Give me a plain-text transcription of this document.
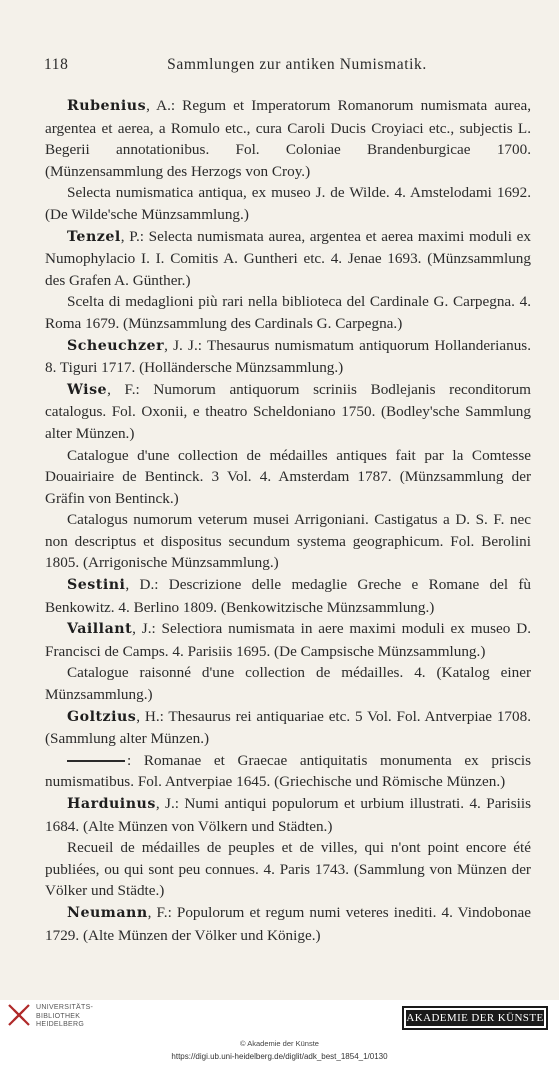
118	Sammlungen zur antiken Numismatik.

Rubenius, A.: Regum et Imperatorum Romanorum numismata aurea, argentea et aerea, a Romulo etc., cura Caroli Ducis Croyiaci etc., subjectis L. Begerii annotationibus. Fol. Coloniae Brandenburgicae 1700. (Münzensammlung des Herzogs von Croy.)

Selecta numismatica antiqua, ex museo J. de Wilde. 4. Amstelodami 1692. (De Wilde'sche Münzsammlung.)

Tenzel, P.: Selecta numismata aurea, argentea et aerea maximi moduli ex Numophylacio I. I. Comitis A. Guntheri etc. 4. Jenae 1693. (Münzsammlung des Grafen A. Günther.)

Scelta di medaglioni più rari nella biblioteca del Cardinale G. Carpegna. 4. Roma 1679. (Münzsammlung des Cardinals G. Carpegna.)

Scheuchzer, J. J.: Thesaurus numismatum antiquorum Hollanderianus. 8. Tiguri 1717. (Holländersche Münzsammlung.)

Wise, F.: Numorum antiquorum scriniis Bodlejanis reconditorum catalogus. Fol. Oxonii, e theatro Scheldoniano 1750. (Bodley'sche Sammlung alter Münzen.)

Catalogue d'une collection de médailles antiques fait par la Comtesse Douairiaire de Bentinck. 3 Vol. 4. Amsterdam 1787. (Münzsammlung der Gräfin von Bentinck.)

Catalogus numorum veterum musei Arrigoniani. Castigatus a D. S. F. nec non descriptus et dispositus secundum systema geographicum. Fol. Berolini 1805. (Arrigonische Münzsammlung.)

Sestini, D.: Descrizione delle medaglie Greche e Romane del fù Benkowitz. 4. Berlino 1809. (Benkowitzische Münzsammlung.)

Vaillant, J.: Selectiora numismata in aere maximi moduli ex museo D. Francisci de Camps. 4. Parisiis 1695. (De Campsische Münzsammlung.)

Catalogue raisonné d'une collection de médailles. 4. (Katalog einer Münzsammlung.)

Goltzius, H.: Thesaurus rei antiquariae etc. 5 Vol. Fol. Antverpiae 1708. (Sammlung alter Münzen.)

: Romanae et Graecae antiquitatis monumenta ex priscis numismatibus. Fol. Antverpiae 1645. (Griechische und Römische Münzen.)

Harduinus, J.: Numi antiqui populorum et urbium illustrati. 4. Parisiis 1684. (Alte Münzen von Völkern und Städten.)

Recueil de médailles de peuples et de villes, qui n'ont point encore été publiées, ou qui sont peu connues. 4. Paris 1743. (Sammlung von Münzen der Völker und Städte.)

Neumann, F.: Populorum et regum numi veteres inediti. 4. Vindobonae 1729. (Alte Münzen der Völker und Könige.)

UNIVERSITÄTS-
BIBLIOTHEK
HEIDELBERG
AKADEMIE DER KÜNSTE
© Akademie der Künste
https://digi.ub.uni-heidelberg.de/diglit/adk_best_1854_1/0130
